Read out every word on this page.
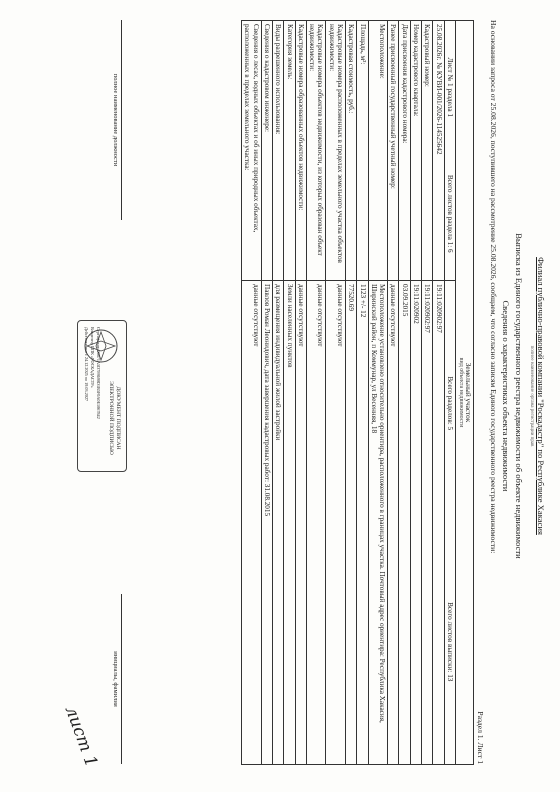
Филиал публично-правовой компании "Роскадастр" по Республике Хакасия
полное наименование органа регистрации прав
Выписка из Единого государственного реестра недвижимости об объекте недвижимости
Сведения о характеристиках объекта недвижимости
На основании запроса от 25.08.2026, поступившего на рассмотрение 25.08.2026, сообщаем, что согласно записям Единого государственного реестра недвижимости:
Раздел 1. Лист 1
Земельный участок
вид объекта недвижимости	

Лист № 1 раздела 1
Всего листов раздела 1: 6	Всего разделов: 5
Всего листов выписки: 13

25.08.2026г. № КУВИ-001/2026-114525642	19:11:020902:97
Кадастровый номер:	19:11:020902:97
Номер кадастрового квартала:	19:11:020902
Дата присвоения кадастрового номера:	03.09.2015
Ранее присвоенный государственный учетный номер:	данные отсутствуют
Местоположение:	Местоположение установлено относительно ориентира, расположенного в границах участка. Почтовый адрес ориентира: Республика Хакасия, Ширинский район, п Коммунар, ул Весенняя, 18
Площадь, м²:	1123 +/- 12
Кадастровая стоимость, руб.:	77520.69
Кадастровые номера расположенных в пределах земельного участка объектов недвижимости:	данные отсутствуют
Кадастровые номера объектов недвижимости, из которых образован объект недвижимости:	данные отсутствуют
Кадастровые номера образованных объектов недвижимости:	данные отсутствуют
Категория земель:	Земли населенных пунктов
Виды разрешенного использования:	для размещения индивидуальной жилой застройки
Сведения о кадастровом инженере:	Павлов Роман Леонидович, дата завершения кадастровых работ: 31.08.2015
Сведения о лесах, водных объектах и об иных природных объектах, расположенных в пределах земельного участка:	данные отсутствуют
полное наименование должности
ДОКУМЕНТ ПОДПИСАН
ЭЛЕКТРОННОЙ ПОДПИСЬЮ
Сертификат: 00871A5D7F8690D1B5F0A0E1067842
Владелец: ППК «РОСКАДАСТР»
Действителен: с 24.12.2025 по 19.03.2027
инициалы, фамилия
лист 1
